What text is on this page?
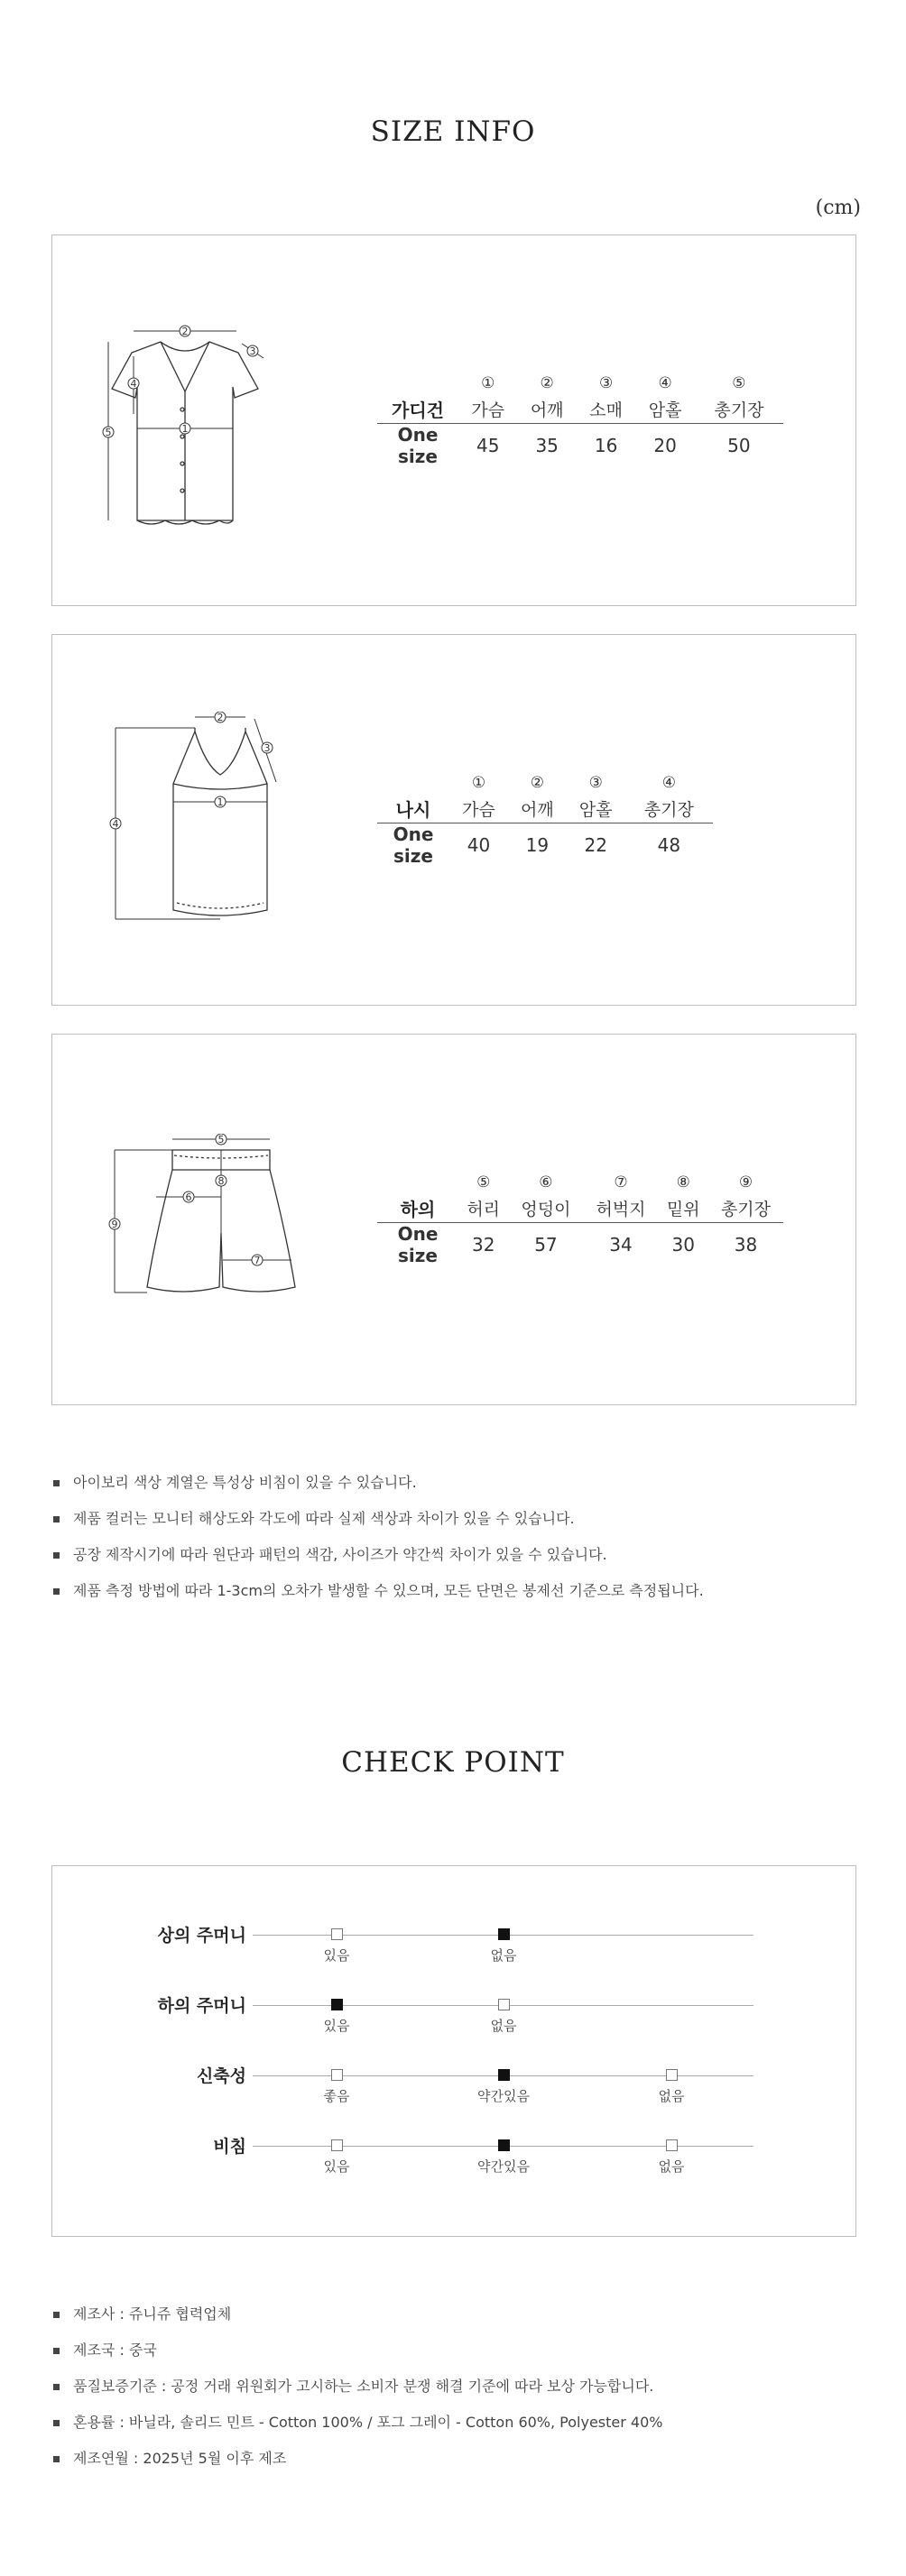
SIZE INFO
(cm)
2
1
5
4
3
	①	②	③	④	⑤
가디건	가슴	어깨	소매	암홀	총기장
One size	45	35	16	20	50
2
1
4
3
	①	②	③	④
나시	가슴	어깨	암홀	총기장
One size	40	19	22	48
5
6
8
7
9
	⑤	⑥	⑦	⑧	⑨
하의	허리	엉덩이	허벅지	밑위	총기장
One size	32	57	34	30	38
아이보리 색상 계열은 특성상 비침이 있을 수 있습니다.
제품 컬러는 모니터 해상도와 각도에 따라 실제 색상과 차이가 있을 수 있습니다.
공장 제작시기에 따라 원단과 패턴의 색감, 사이즈가 약간씩 차이가 있을 수 있습니다.
제품 측정 방법에 따라 1-3cm의 오차가 발생할 수 있으며, 모든 단면은 봉제선 기준으로 측정됩니다.
CHECK POINT
상의 주머니
있음	없음
하의 주머니
있음	없음
신축성
좋음	약간있음	없음
비침
있음	약간있음	없음
제조사 : 쥬니쥬 협력업체
제조국 : 중국
품질보증기준 : 공정 거래 위원회가 고시하는 소비자 분쟁 해결 기준에 따라 보상 가능합니다.
혼용률 : 바닐라, 솔리드 민트 - Cotton 100% / 포그 그레이 - Cotton 60%, Polyester 40%
제조연월 : 2025년 5월 이후 제조
